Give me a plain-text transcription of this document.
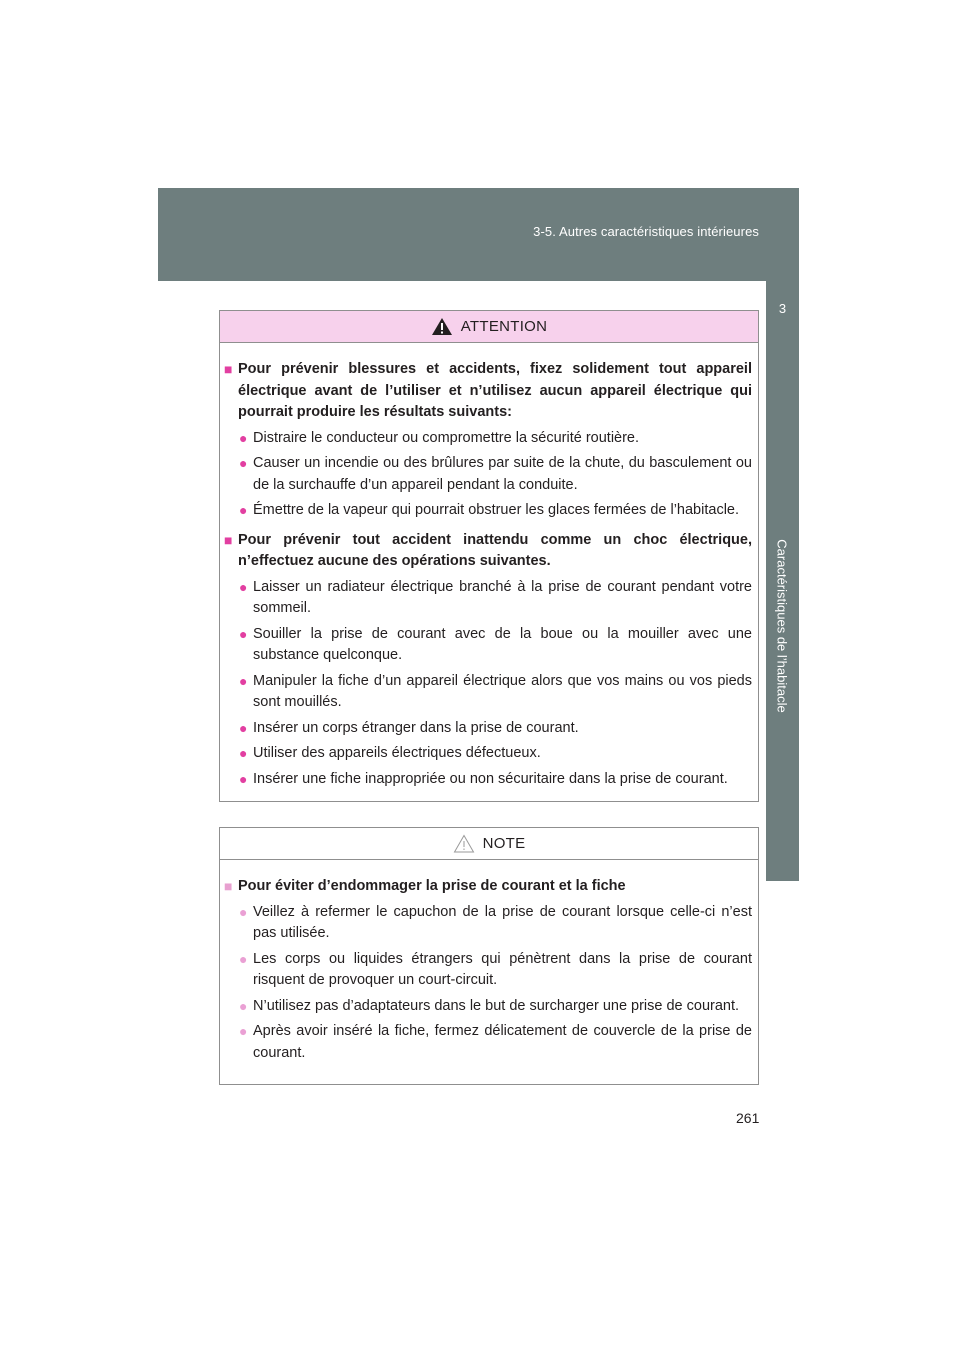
3-5. Autres caractéristiques intérieures
3
Caractéristiques de l’habitacle
ATTENTION
■ Pour prévenir blessures et accidents, fixez solidement tout appareil électrique avant de l’utiliser et n’utilisez aucun appareil électrique qui pourrait produire les résultats suivants:
● Distraire le conducteur ou compromettre la sécurité routière.
● Causer un incendie ou des brûlures par suite de la chute, du basculement ou de la surchauffe d’un appareil pendant la conduite.
● Émettre de la vapeur qui pourrait obstruer les glaces fermées de l’habitacle.
■ Pour prévenir tout accident inattendu comme un choc électrique, n’effectuez aucune des opérations suivantes.
● Laisser un radiateur électrique branché à la prise de courant pendant votre sommeil.
● Souiller la prise de courant avec de la boue ou la mouiller avec une substance quelconque.
● Manipuler la fiche d’un appareil électrique alors que vos mains ou vos pieds sont mouillés.
● Insérer un corps étranger dans la prise de courant.
● Utiliser des appareils électriques défectueux.
● Insérer une fiche inappropriée ou non sécuritaire dans la prise de courant.
NOTE
■ Pour éviter d’endommager la prise de courant et la fiche
● Veillez à refermer le capuchon de la prise de courant lorsque celle-ci n’est pas utilisée.
● Les corps ou liquides étrangers qui pénètrent dans la prise de courant risquent de provoquer un court-circuit.
● N’utilisez pas d’adaptateurs dans le but de surcharger une prise de courant.
● Après avoir inséré la fiche, fermez délicatement de couvercle de la prise de courant.
261
